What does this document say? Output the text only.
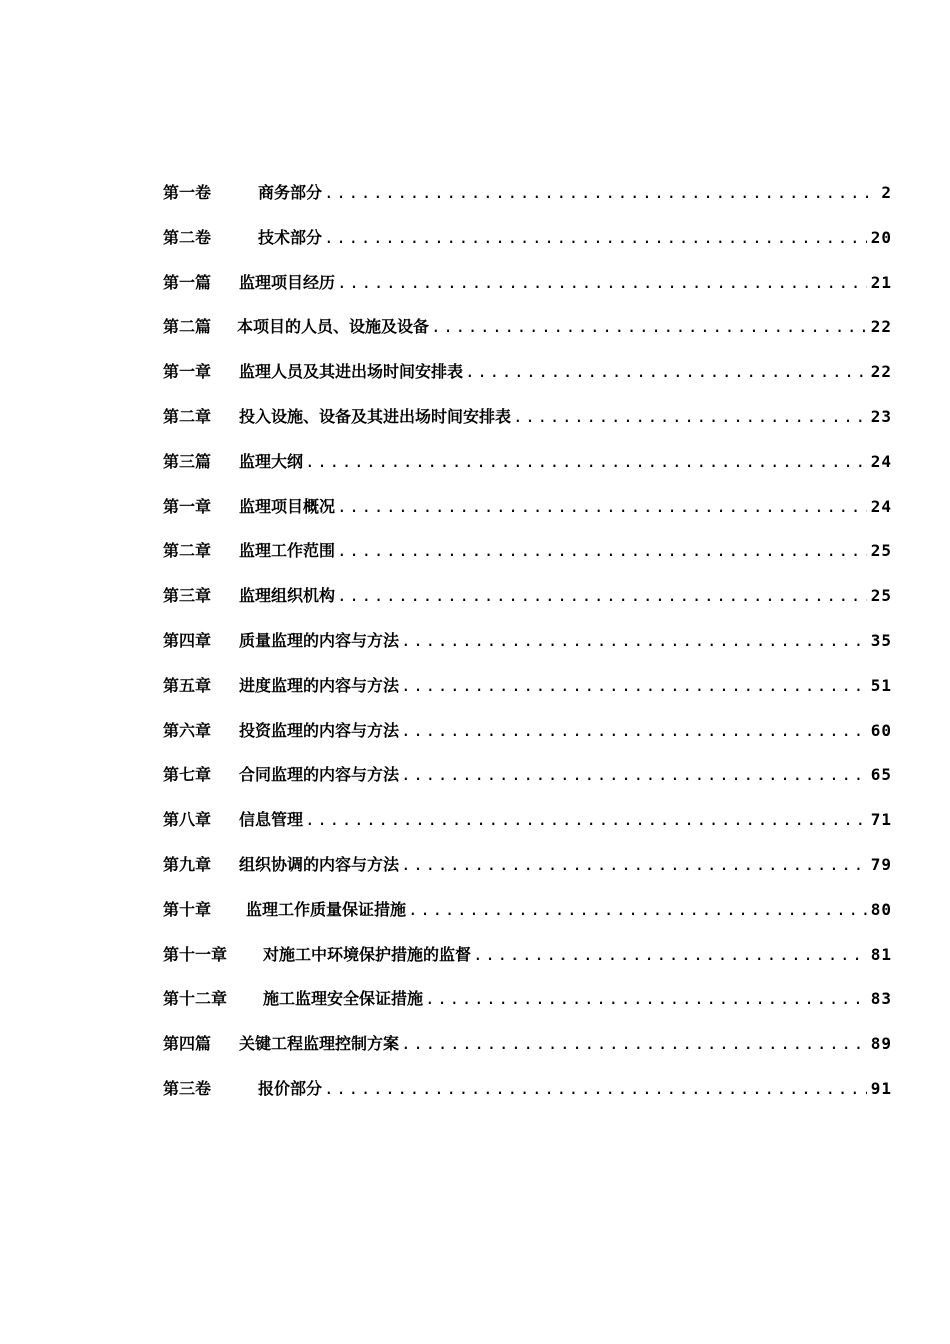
第一卷	商务部分 .....	2
第二卷	技术部分 .....	20
第一篇	监理项目经历 .....	21
第二篇	本项目的人员、设施及设备 .....	22
第一章	监理人员及其进出场时间安排表 .....	22
第二章	投入设施、设备及其进出场时间安排表 .....	23
第三篇	监理大纲 .....	24
第一章	监理项目概况 .....	24
第二章	监理工作范围 .....	25
第三章	监理组织机构 .....	25
第四章	质量监理的内容与方法 .....	35
第五章	进度监理的内容与方法 .....	51
第六章	投资监理的内容与方法 .....	60
第七章	合同监理的内容与方法 .....	65
第八章	信息管理 .....	71
第九章	组织协调的内容与方法 .....	79
第十章	监理工作质量保证措施 .....	80
第十一章	对施工中环境保护措施的监督 .....	81
第十二章	施工监理安全保证措施 .....	83
第四篇	关键工程监理控制方案 .....	89
第三卷	报价部分 .....	91
